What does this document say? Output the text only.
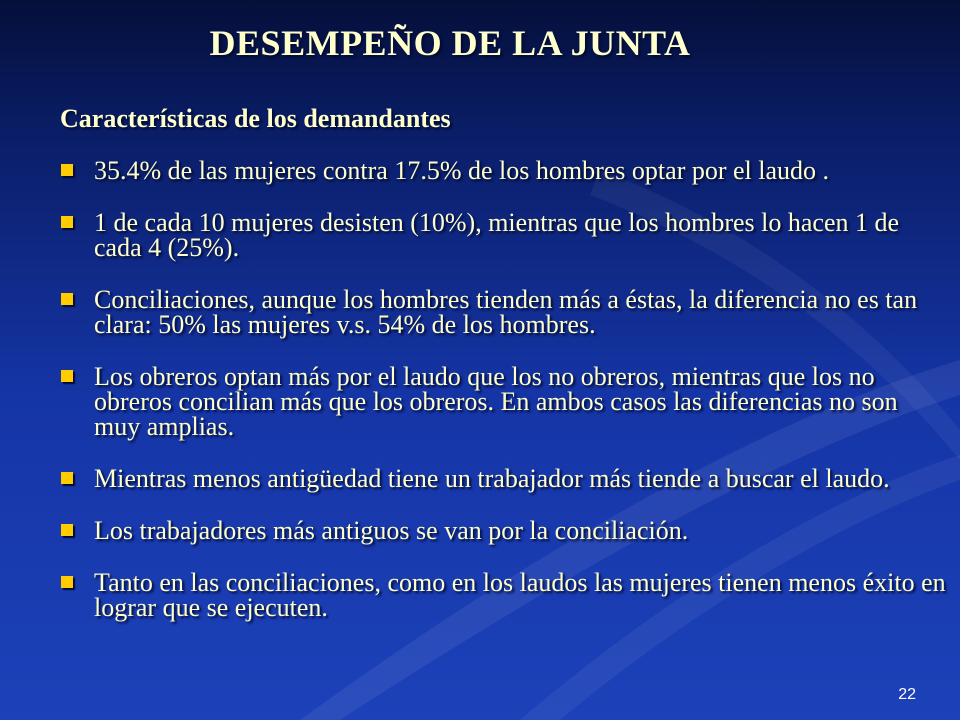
DESEMPEÑO DE LA JUNTA
Características de los demandantes
35.4% de las mujeres contra 17.5% de los hombres optar por el laudo .
1 de cada 10 mujeres desisten (10%), mientras que los hombres lo hacen 1 de cada 4 (25%).
Conciliaciones, aunque los hombres tienden más a éstas, la diferencia no es tan clara: 50% las mujeres v.s. 54% de los hombres.
Los obreros optan más por el laudo que los no obreros, mientras que los no obreros concilian más que los obreros. En ambos casos las diferencias no son muy amplias.
Mientras menos antigüedad tiene un trabajador más tiende a buscar el laudo.
Los trabajadores más antiguos se van por la conciliación.
Tanto en las conciliaciones, como en los laudos las mujeres tienen menos éxito en lograr que se ejecuten.
22
